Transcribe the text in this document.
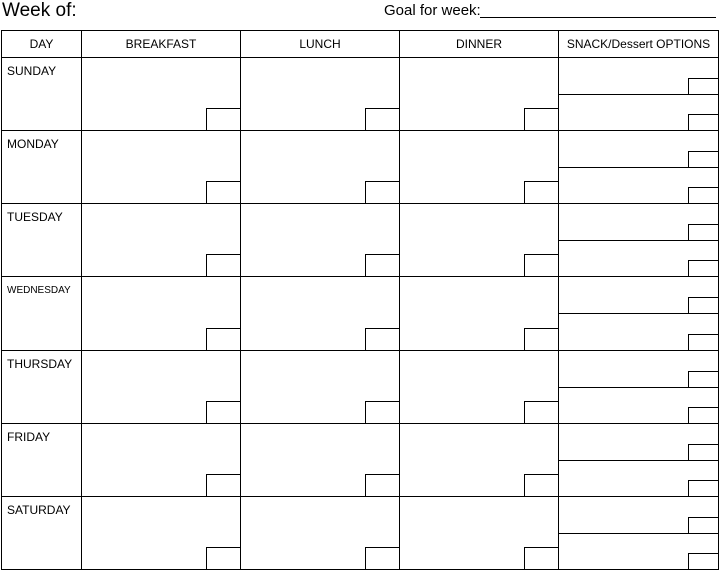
Week of:	Goal for week:
DAY	BREAKFAST	LUNCH	DINNER	SNACK/Dessert OPTIONS

SUNDAY				

MONDAY				

TUESDAY				

WEDNESDAY				

THURSDAY				

FRIDAY				

SATURDAY				
